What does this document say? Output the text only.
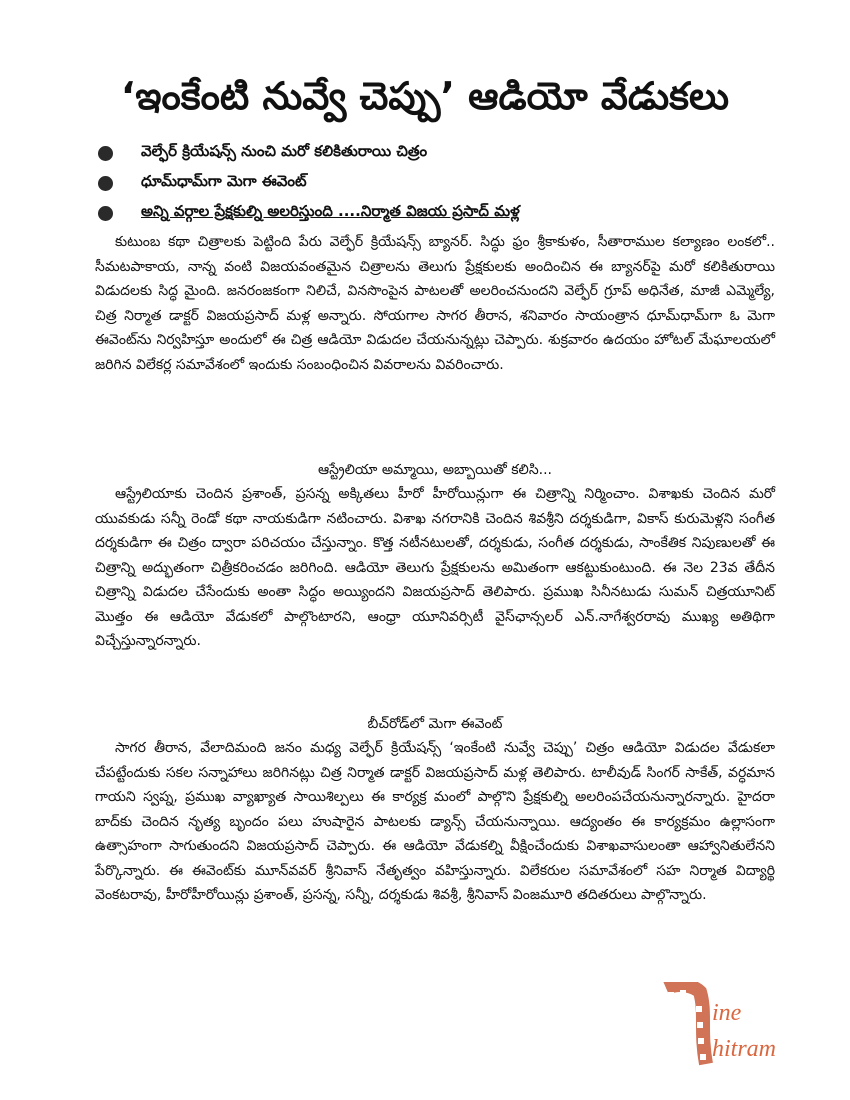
‘ఇంకేంటి నువ్వే చెప్పు’ ఆడియో వేడుకలు
వెల్ఫేర్ క్రియేషన్స్ నుంచి మరో కలికితురాయి చిత్రం
ధూమ్‌ధామ్‌గా మెగా ఈవెంట్
అన్ని వర్గాల ప్రేక్షకుల్ని అలరిస్తుంది ....నిర్మాత విజయ ప్రసాద్ మళ్ల

కుటుంబ కథా చిత్రాలకు పెట్టింది పేరు వెల్ఫేర్ క్రియేషన్స్ బ్యానర్. సిద్ధు ఫ్రం శ్రీకాకుళం, సీతారాముల కల్యాణం లంకలో.. సీమటపాకాయ, నాన్న వంటి విజయవంతమైన చిత్రాలను తెలుగు ప్రేక్షకులకు అందించిన ఈ బ్యానర్‌పై మరో కలికితురాయి విడుదలకు సిద్ధ మైంది. జనరంజకంగా నిలిచే, వినసొంపైన పాటలతో అలరించనుందని వెల్ఫేర్ గ్రూప్ అధినేత, మాజీ ఎమ్మెల్యే, చిత్ర నిర్మాత డాక్టర్ విజయప్రసాద్ మళ్ల అన్నారు. సోయగాల సాగర తీరాన, శనివారం సాయంత్రాన ధూమ్‌ధామ్‌గా ఓ మెగా ఈవెంట్‌ను నిర్వహిస్తూ అందులో ఈ చిత్ర ఆడియో విడుదల చేయనున్నట్లు చెప్పారు. శుక్రవారం ఉదయం హోటల్ మేఘాలయలో జరిగిన విలేకర్ల సమావేశంలో ఇందుకు సంబంధించిన వివరాలను వివరించారు.

ఆస్ట్రేలియా అమ్మాయి, అబ్బాయితో కలిసి...

ఆస్ట్రేలియాకు చెందిన ప్రశాంత్, ప్రసన్న అక్కితలు హీరో హీరోయిన్లుగా ఈ చిత్రాన్ని నిర్మించాం. విశాఖకు చెందిన మరో యువకుడు సన్నీ రెండో కథా నాయకుడిగా నటించారు. విశాఖ నగరానికి చెందిన శివశ్రీని దర్శకుడిగా, వికాస్ కురుమెళ్లని సంగీత దర్శకుడిగా ఈ చిత్రం ద్వారా పరిచయం చేస్తున్నాం. కొత్త నటీనటులతో, దర్శకుడు, సంగీత దర్శకుడు, సాంకేతిక నిపుణులతో ఈ చిత్రాన్ని అద్భుతంగా చిత్రీకరించడం జరిగింది. ఆడియో తెలుగు ప్రేక్షకులను అమితంగా ఆకట్టుకుంటుంది. ఈ నెల 23వ తేదీన చిత్రాన్ని విడుదల చేసేందుకు అంతా సిద్ధం అయ్యిందని విజయప్రసాద్ తెలిపారు. ప్రముఖ సినీనటుడు సుమన్ చిత్రయూనిట్ మొత్తం ఈ ఆడియో వేడుకలో పాల్గొంటారని, ఆంధ్రా యూనివర్సిటీ వైస్‌ఛాన్సలర్ ఎన్.నాగేశ్వరరావు ముఖ్య అతిథిగా విచ్చేస్తున్నారన్నారు.

బీచ్‌రోడ్‌లో మెగా ఈవెంట్

సాగర తీరాన, వేలాదిమంది జనం మధ్య వెల్ఫేర్ క్రియేషన్స్ ‘ఇంకేంటి నువ్వే చెప్పు’ చిత్రం ఆడియో విడుదల వేడుకలా చేపట్టేందుకు సకల సన్నాహాలు జరిగినట్లు చిత్ర నిర్మాత డాక్టర్ విజయప్రసాద్ మళ్ల తెలిపారు. టాలీవుడ్ సింగర్ సాకేత్, వర్ధమాన గాయని స్వప్న, ప్రముఖ వ్యాఖ్యాత సాయిశిల్పలు ఈ కార్యక్ర మంలో పాల్గొని ప్రేక్షకుల్ని అలరింపచేయనున్నారన్నారు. హైదరా బాద్‌కు చెందిన నృత్య బృందం పలు హుషారైన పాటలకు డ్యాన్స్ చేయనున్నాయి. ఆద్యంతం ఈ కార్యక్రమం ఉల్లాసంగా ఉత్సాహంగా సాగుతుందని విజయప్రసాద్ చెప్పారు. ఈ ఆడియో వేడుకల్ని వీక్షించేందుకు విశాఖవాసులంతా ఆహ్వానితులేనని పేర్కొన్నారు. ఈ ఈవెంట్‌కు మూన్‌వవర్ శ్రీనివాస్ నేతృత్వం వహిస్తున్నారు. విలేకరుల సమావేశంలో సహ నిర్మాత విద్యార్థి వెంకటరావు, హీరోహీరోయిన్లు ప్రశాంత్, ప్రసన్న, సన్నీ, దర్శకుడు శివశ్రీ, శ్రీనివాస్ వింజమూరి తదితరులు పాల్గొన్నారు.

ine
hitram
